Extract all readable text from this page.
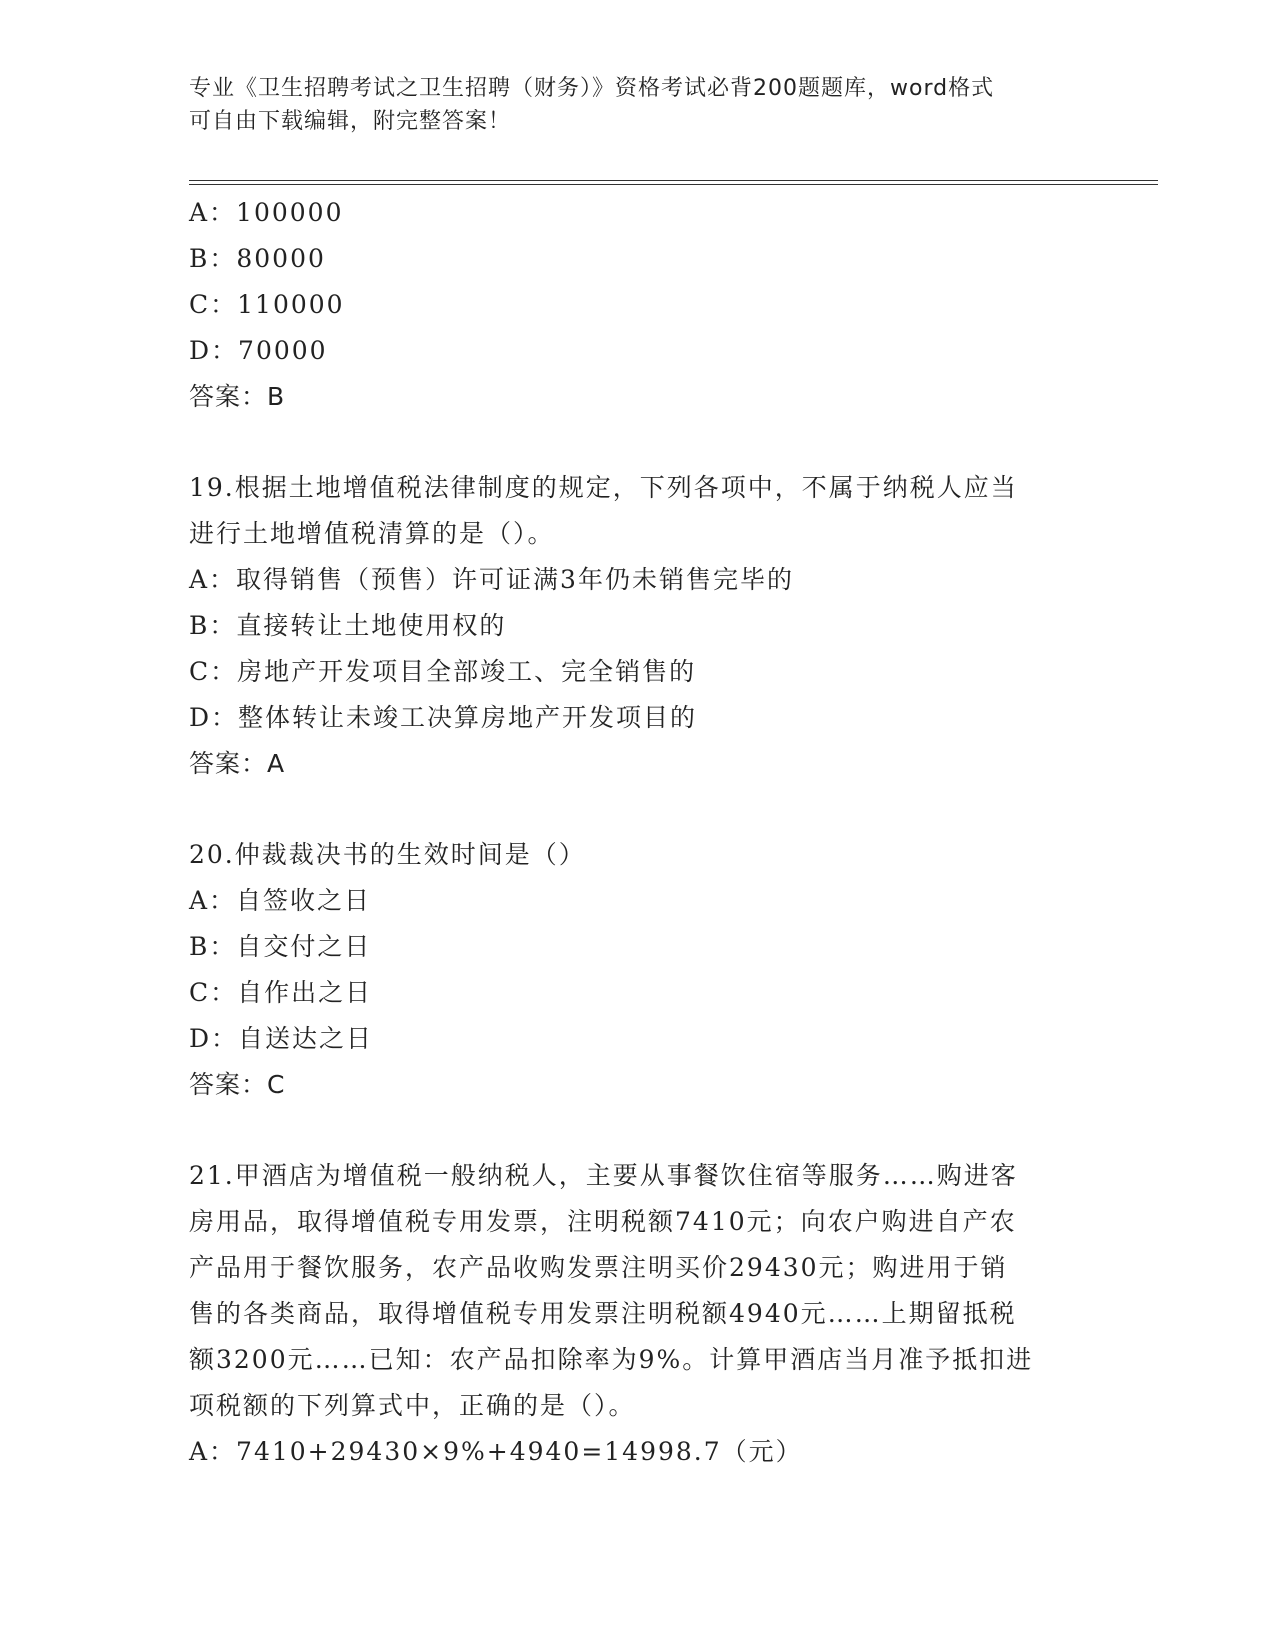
专业《卫生招聘考试之卫生招聘（财务）》资格考试必背200题题库，word格式
可自由下载编辑，附完整答案！
A：100000
B：80000
C：110000
D：70000
答案：B
19.根据土地增值税法律制度的规定，下列各项中，不属于纳税人应当
进行土地增值税清算的是（）。
A：取得销售（预售）许可证满3年仍未销售完毕的
B：直接转让土地使用权的
C：房地产开发项目全部竣工、完全销售的
D：整体转让未竣工决算房地产开发项目的
答案：A
20.仲裁裁决书的生效时间是（）
A：自签收之日
B：自交付之日
C：自作出之日
D：自送达之日
答案：C
21.甲酒店为增值税一般纳税人，主要从事餐饮住宿等服务……购进客
房用品，取得增值税专用发票，注明税额7410元；向农户购进自产农
产品用于餐饮服务，农产品收购发票注明买价29430元；购进用于销
售的各类商品，取得增值税专用发票注明税额4940元……上期留抵税
额3200元……已知：农产品扣除率为9%。计算甲酒店当月准予抵扣进
项税额的下列算式中，正确的是（）。
A：7410+29430×9%+4940=14998.7（元）
